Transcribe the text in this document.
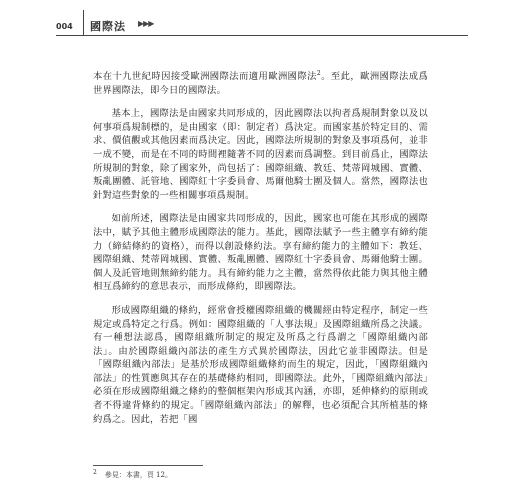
004 國際法 ▶▶▶

本在十九世紀時因接受歐洲國際法而適用歐洲國際法$^2$。至此，歐洲國際法成爲世界國際法，即今日的國際法。

基本上，國際法是由國家共同形成的，因此國際法以拘者爲規制對象以及以何事項爲規制標的，是由國家（即：制定者）爲決定。而國家基於特定目的、需求、價值觀或其他因素而爲決定。因此，國際法所規制的對象及事項爲何，並非一成不變，而是在不同的時間裡隨著不同的因素而爲調整。到目前爲止，國際法所規制的對象，除了國家外，尚包括了：國際組織、教廷、梵蒂岡城國、實體、叛亂團體、託管地、國際紅十字委員會、馬爾他騎士團及個人。當然，國際法也針對這些對象的一些相關事項爲規制。

如前所述，國際法是由國家共同形成的，因此，國家也可能在其形成的國際法中，賦予其他主體形成國際法的能力。基此，國際法賦予一些主體享有締約能力（締結條約的資格），而得以創設條約法。享有締約能力的主體如下：教廷、國際組織、梵蒂岡城國、實體、叛亂團體、國際紅十字委員會、馬爾他騎士團。個人及託管地則無締約能力。具有締約能力之主體，當然得依此能力與其他主體相互爲締約的意思表示，而形成條約，即國際法。

形成國際組織的條約，經常會授權國際組織的機關經由特定程序，制定一些規定或爲特定之行爲。例如：國際組織的「人事法規」及國際組織所爲之決議。有一種想法認爲，國際組織所制定的規定及所爲之行爲謂之「國際組織內部法」。由於國際組織內部法的產生方式異於國際法，因此它並非國際法。但是「國際組織內部法」是基於形成國際組織條約而生的規定，因此，「國際組織內部法」的性質應與其存在的基礎條約相同，即國際法。此外，「國際組織內部法」必須在形成國際組織之條約的整個框架內形成其內涵，亦即，延伸條約的原則或者不得違背條約的規定。「國際組織內部法」的解釋，也必須配合其所植基的條約爲之。因此，若把「國

2 參見：本書，頁 12。
